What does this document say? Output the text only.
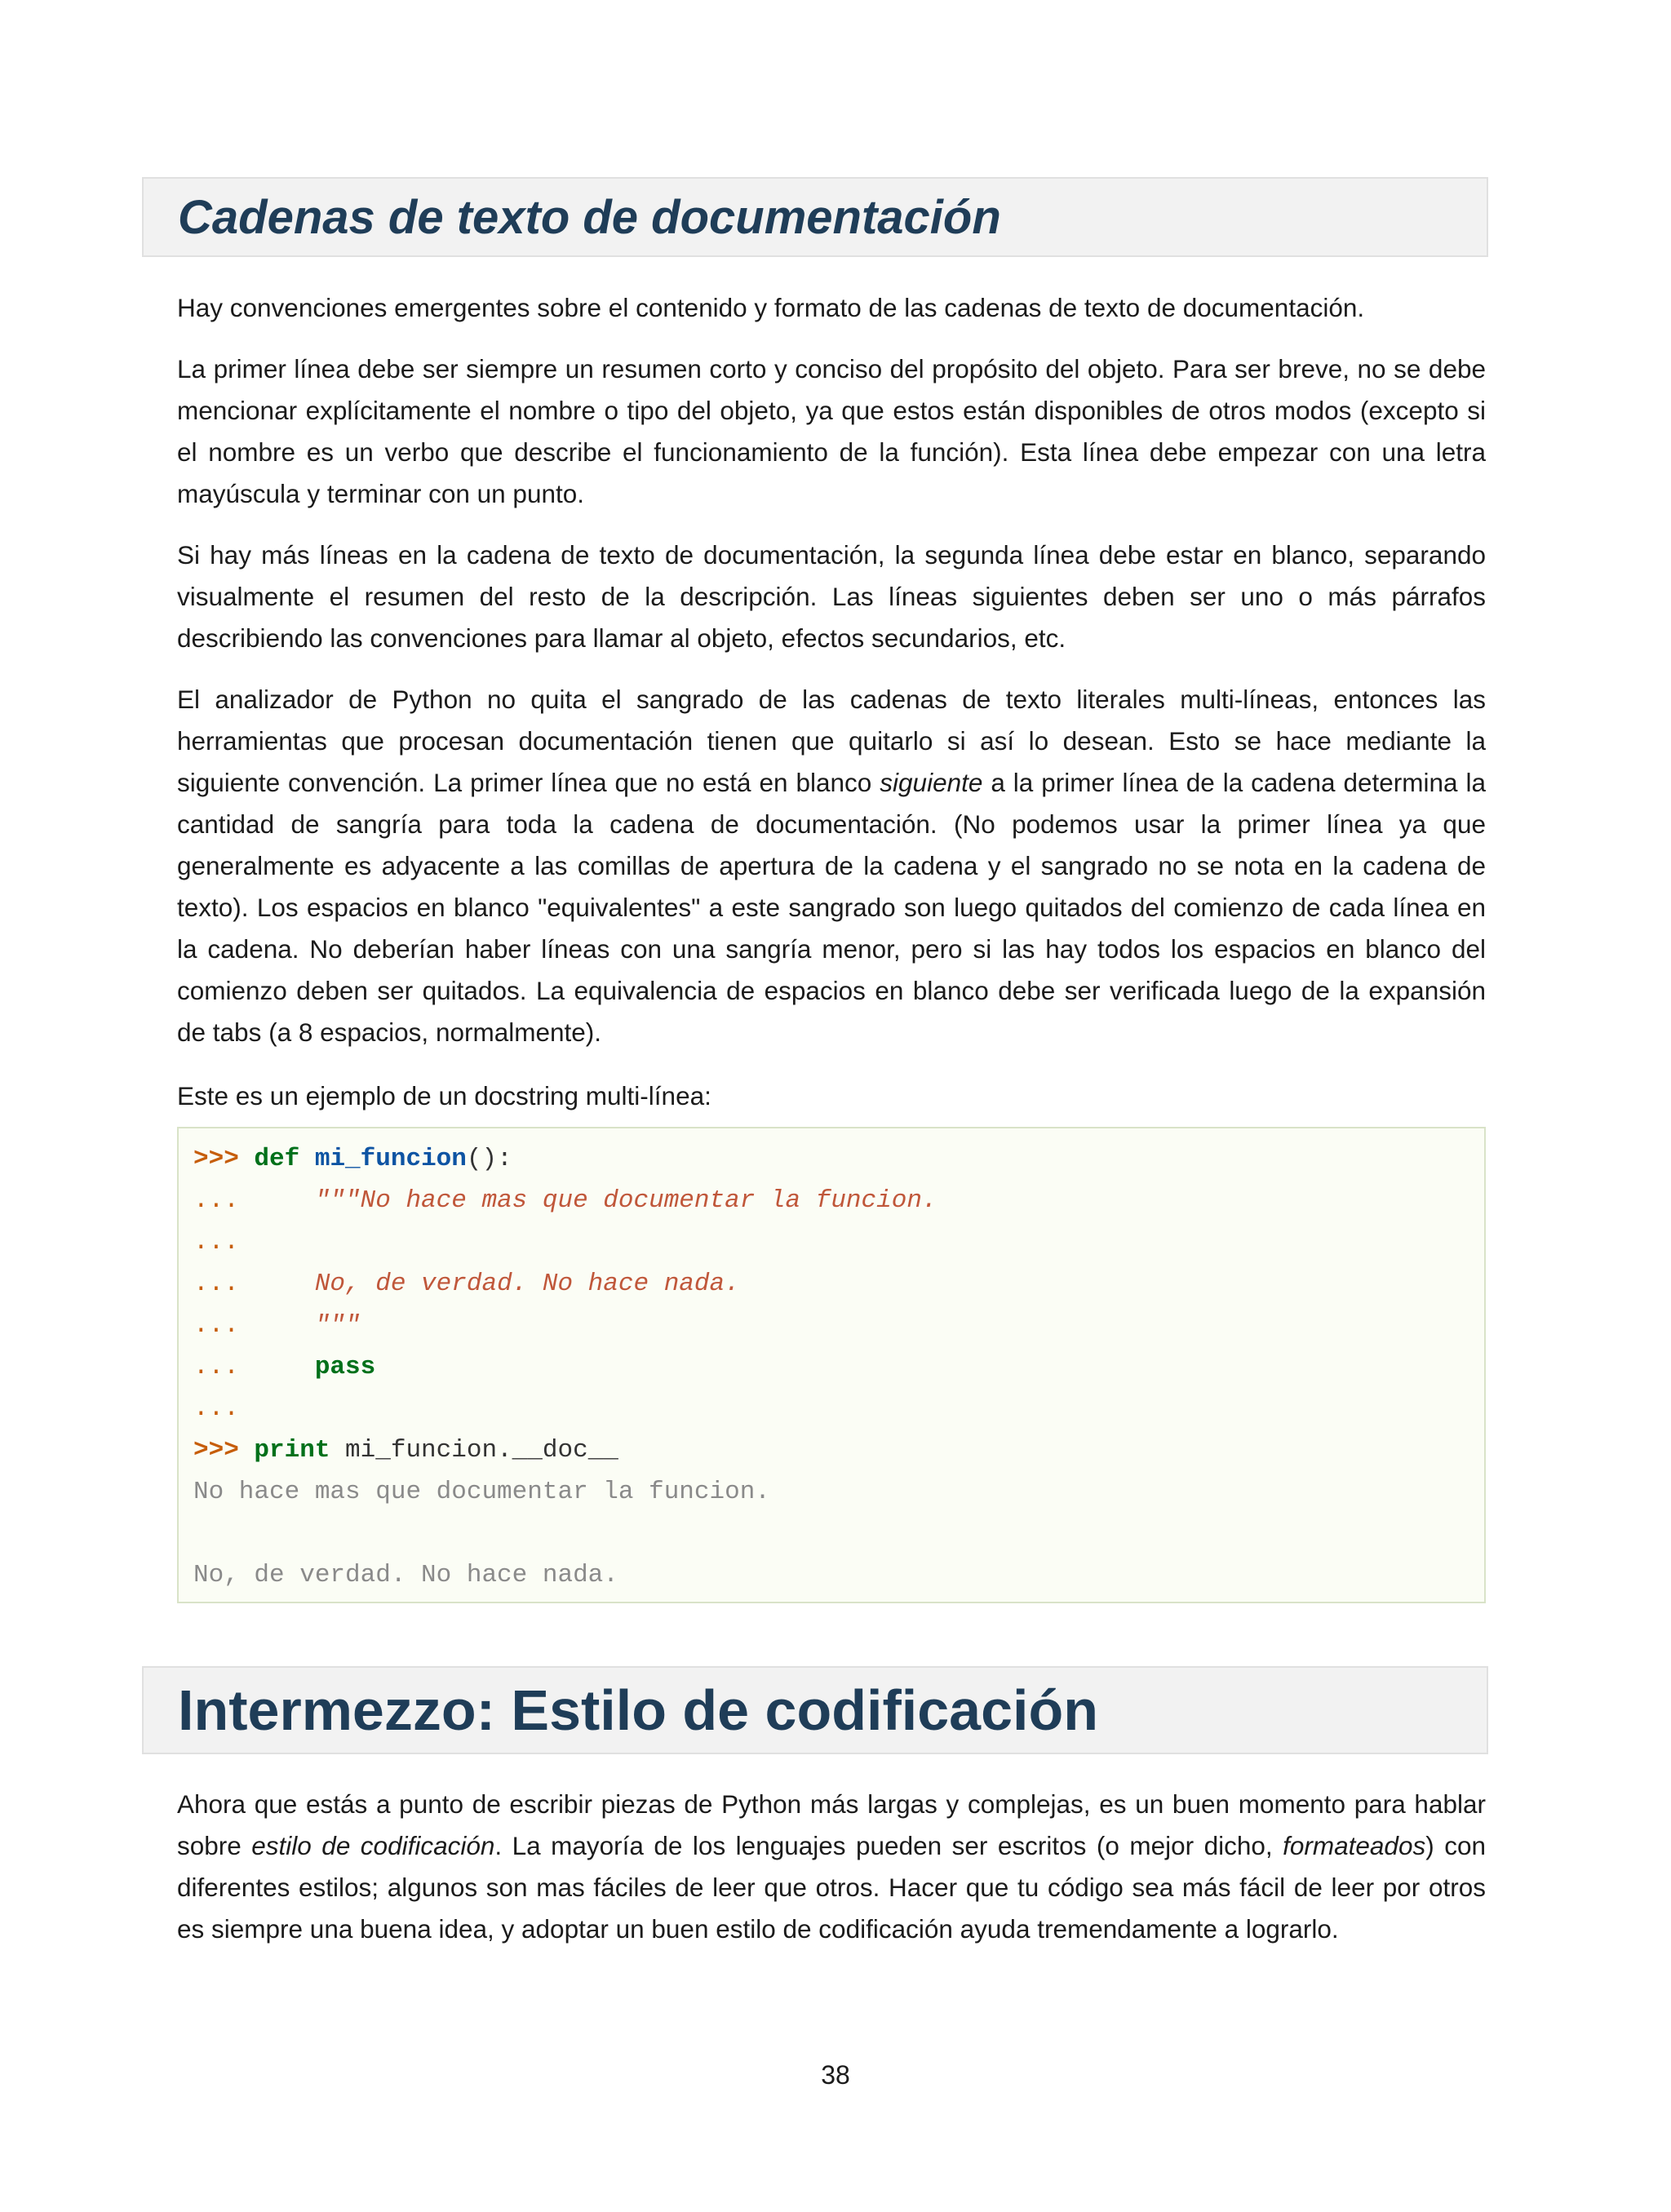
Cadenas de texto de documentación

Hay convenciones emergentes sobre el contenido y formato de las cadenas de texto de documentación.

La primer línea debe ser siempre un resumen corto y conciso del propósito del objeto. Para ser breve, no se debe mencionar explícitamente el nombre o tipo del objeto, ya que estos están disponibles de otros modos (excepto si el nombre es un verbo que describe el funcionamiento de la función). Esta línea debe empezar con una letra mayúscula y terminar con un punto.

Si hay más líneas en la cadena de texto de documentación, la segunda línea debe estar en blanco, separando visualmente el resumen del resto de la descripción. Las líneas siguientes deben ser uno o más párrafos describiendo las convenciones para llamar al objeto, efectos secundarios, etc.

El analizador de Python no quita el sangrado de las cadenas de texto literales multi-líneas, entonces las herramientas que procesan documentación tienen que quitarlo si así lo desean. Esto se hace mediante la siguiente convención. La primer línea que no está en blanco siguiente a la primer línea de la cadena determina la cantidad de sangría para toda la cadena de documentación. (No podemos usar la primer línea ya que generalmente es adyacente a las comillas de apertura de la cadena y el sangrado no se nota en la cadena de texto). Los espacios en blanco "equivalentes" a este sangrado son luego quitados del comienzo de cada línea en la cadena. No deberían haber líneas con una sangría menor, pero si las hay todos los espacios en blanco del comienzo deben ser quitados. La equivalencia de espacios en blanco debe ser verificada luego de la expansión de tabs (a 8 espacios, normalmente).

Este es un ejemplo de un docstring multi-línea:
>>> def mi_funcion():
...     """No hace mas que documentar la funcion.
...
...     No, de verdad. No hace nada.
...     """
...     pass
...
>>> print mi_funcion.__doc__
No hace mas que documentar la funcion.
No, de verdad. No hace nada.
Intermezzo: Estilo de codificación

Ahora que estás a punto de escribir piezas de Python más largas y complejas, es un buen momento para hablar sobre estilo de codificación. La mayoría de los lenguajes pueden ser escritos (o mejor dicho, formateados) con diferentes estilos; algunos son mas fáciles de leer que otros. Hacer que tu código sea más fácil de leer por otros es siempre una buena idea, y adoptar un buen estilo de codificación ayuda tremendamente a lograrlo.

38
